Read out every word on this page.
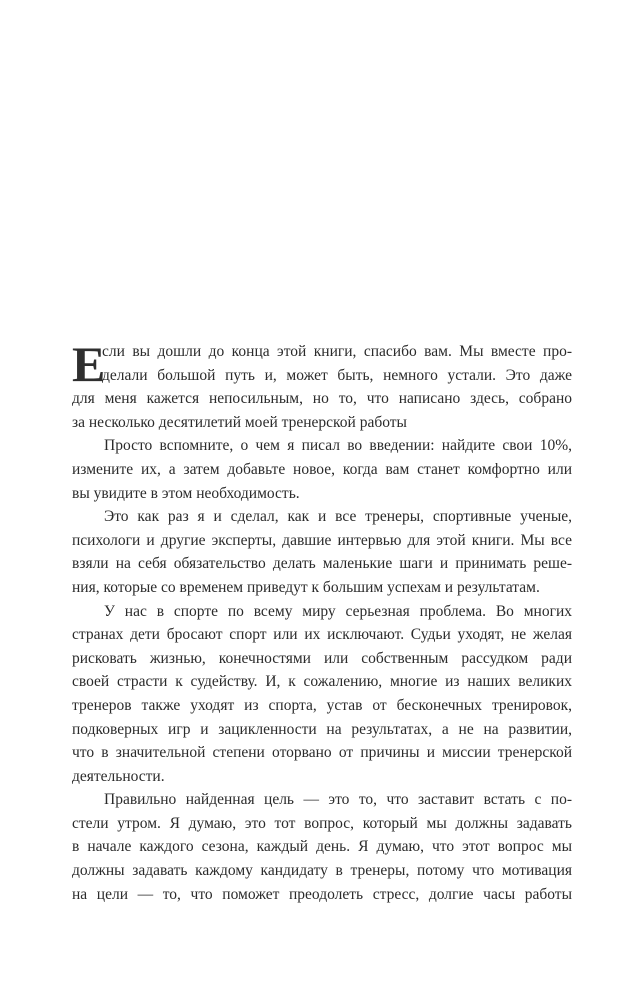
Е
сли вы дошли до конца этой книги, спасибо вам. Мы вместе про-
делали большой путь и, может быть, немного устали. Это даже
для меня кажется непосильным, но то, что написано здесь, собрано
за несколько десятилетий моей тренерской работы
Просто вспомните, о чем я писал во введении: найдите свои 10%,
измените их, а затем добавьте новое, когда вам станет комфортно или
вы увидите в этом необходимость.
Это как раз я и сделал, как и все тренеры, спортивные ученые,
психологи и другие эксперты, давшие интервью для этой книги. Мы все
взяли на себя обязательство делать маленькие шаги и принимать реше-
ния, которые со временем приведут к большим успехам и результатам.
У нас в спорте по всему миру серьезная проблема. Во многих
странах дети бросают спорт или их исключают. Судьи уходят, не желая
рисковать жизнью, конечностями или собственным рассудком ради
своей страсти к судейству. И, к сожалению, многие из наших великих
тренеров также уходят из спорта, устав от бесконечных тренировок,
подковерных игр и зацикленности на результатах, а не на развитии,
что в значительной степени оторвано от причины и миссии тренерской
деятельности.
Правильно найденная цель — это то, что заставит встать с по-
стели утром. Я думаю, это тот вопрос, который мы должны задавать
в начале каждого сезона, каждый день. Я думаю, что этот вопрос мы
должны задавать каждому кандидату в тренеры, потому что мотивация
на цели — то, что поможет преодолеть стресс, долгие часы работы
